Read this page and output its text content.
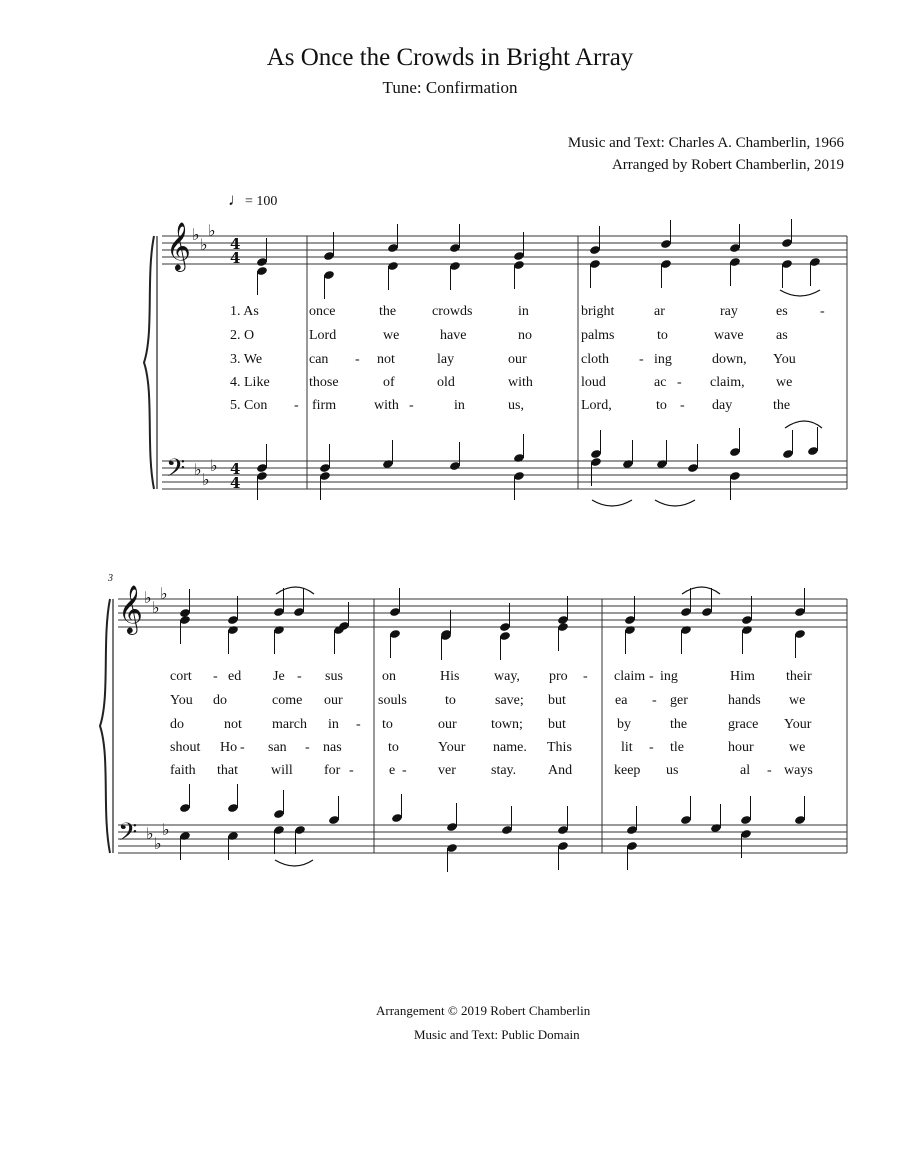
As Once the Crowds in Bright Array
Tune: Confirmation
Music and Text: Charles A. Chamberlin, 1966
Arranged by Robert Chamberlin, 2019
♩= 100
3
𝄞
𝄢
♭
♭
♭
♭
♭
♭
4
4
4
4
𝄞
𝄢
♭
♭
♭
♭
♭
♭
1. As	once	the	crowds	in	bright	ar	ray	es -
2. O	Lord	we	have	no	palms	to	wave as
3. We	can - not	lay	our	cloth - ing	down, You
4. Like	those	of	old	with	loud	ac - claim, we
5. Con - firm	with -	in	us,	Lord,	to - day	the
cort - ed Je - sus	on	His way, pro - claim - ing	Him their
You do	come our	souls	to	save; but	ea - ger	hands we
do	not march in - to	our town; but	by	the	grace Your
shout Ho - san - nas	to	Your name. This	lit - tle	hour	we
faith that will for -	e - ver	stay. And	keep us	al - ways
Arrangement © 2019 Robert Chamberlin
Music and Text: Public Domain
